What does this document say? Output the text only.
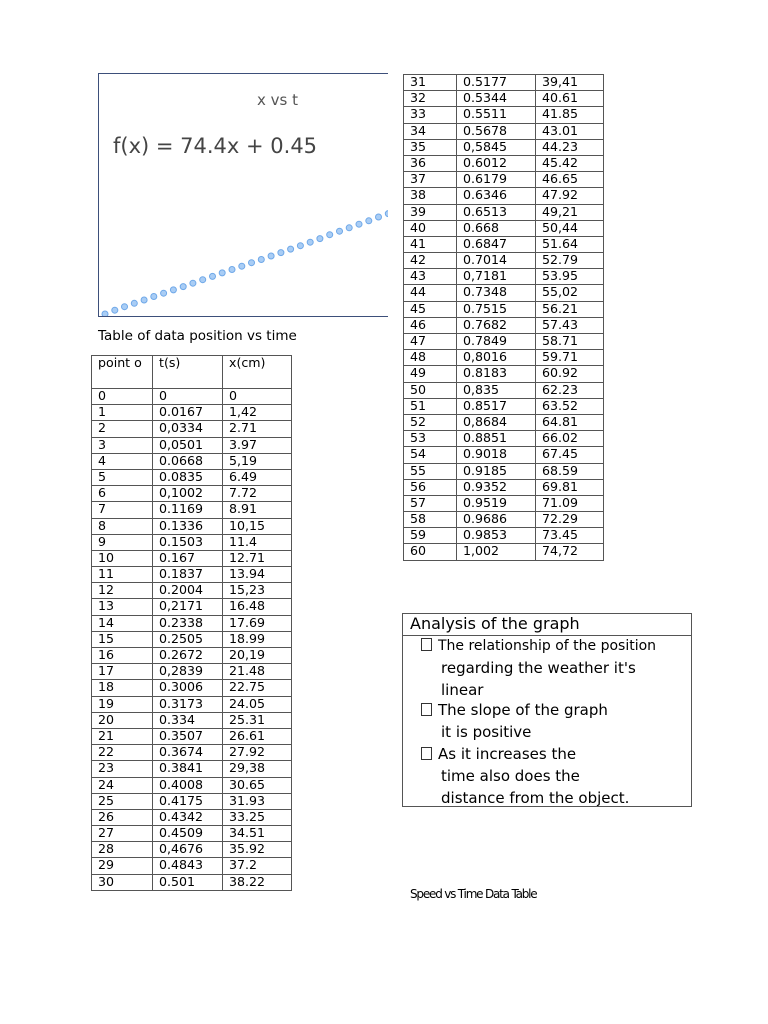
x vs t
f(x) = 74.4x + 0.45
Table of data position vs time
point o	t(s)	x(cm)
0	0	0
1	0.0167	1,42
2	0,0334	2.71
3	0,0501	3.97
4	0.0668	5,19
5	0.0835	6.49
6	0,1002	7.72
7	0.1169	8.91
8	0.1336	10,15
9	0.1503	11.4
10	0.167	12.71
11	0.1837	13.94
12	0.2004	15,23
13	0,2171	16.48
14	0.2338	17.69
15	0.2505	18.99
16	0.2672	20,19
17	0,2839	21.48
18	0.3006	22.75
19	0.3173	24.05
20	0.334	25.31
21	0.3507	26.61
22	0.3674	27.92
23	0.3841	29,38
24	0.4008	30.65
25	0.4175	31.93
26	0.4342	33.25
27	0.4509	34.51
28	0,4676	35.92
29	0.4843	37.2
30	0.501	38.22
31	0.5177	39,41
32	0.5344	40.61
33	0.5511	41.85
34	0.5678	43.01
35	0,5845	44.23
36	0.6012	45.42
37	0.6179	46.65
38	0.6346	47.92
39	0.6513	49,21
40	0.668	50,44
41	0.6847	51.64
42	0.7014	52.79
43	0,7181	53.95
44	0.7348	55,02
45	0.7515	56.21
46	0.7682	57.43
47	0.7849	58.71
48	0,8016	59.71
49	0.8183	60.92
50	0,835	62.23
51	0.8517	63.52
52	0,8684	64.81
53	0.8851	66.02
54	0.9018	67.45
55	0.9185	68.59
56	0.9352	69.81
57	0.9519	71.09
58	0.9686	72.29
59	0.9853	73.45
60	1,002	74,72
Analysis of the graph
The relationship of the position
regarding the weather it's
linear
The slope of the graph
it is positive
As it increases the
time also does the
distance from the object.
Speed vs Time Data Table
